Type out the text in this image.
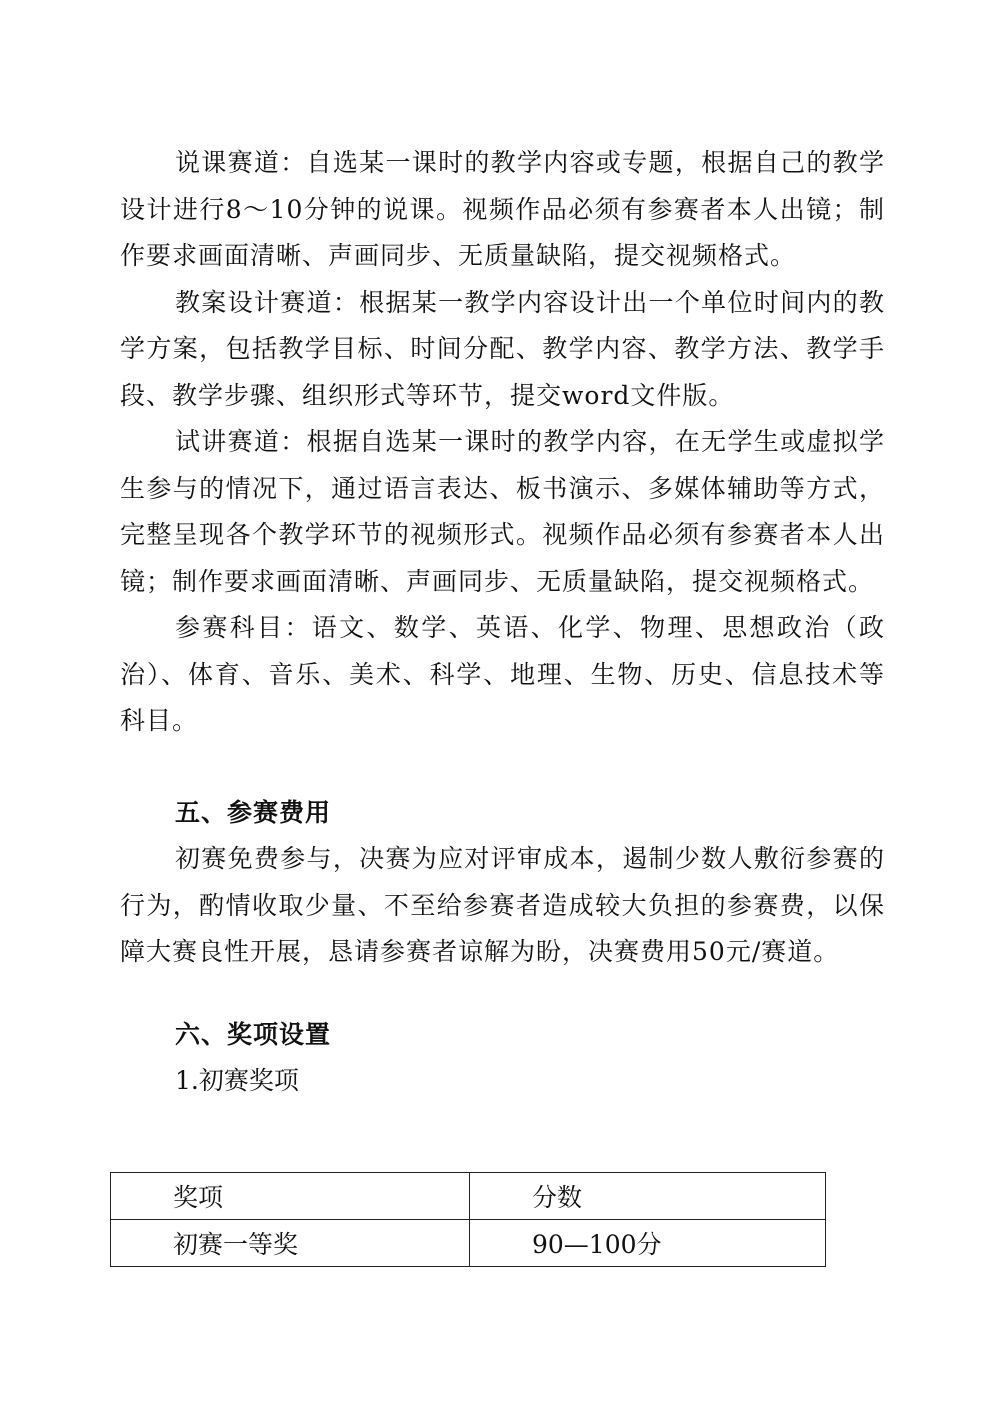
说课赛道：自选某一课时的教学内容或专题，根据自己的教学设计进行8～10分钟的说课。视频作品必须有参赛者本人出镜；制作要求画面清晰、声画同步、无质量缺陷，提交视频格式。

教案设计赛道：根据某一教学内容设计出一个单位时间内的教学方案，包括教学目标、时间分配、教学内容、教学方法、教学手段、教学步骤、组织形式等环节，提交word文件版。

试讲赛道：根据自选某一课时的教学内容，在无学生或虚拟学生参与的情况下，通过语言表达、板书演示、多媒体辅助等方式，完整呈现各个教学环节的视频形式。视频作品必须有参赛者本人出镜；制作要求画面清晰、声画同步、无质量缺陷，提交视频格式。

参赛科目：语文、数学、英语、化学、物理、思想政治（政治）、体育、音乐、美术、科学、地理、生物、历史、信息技术等科目。

五、参赛费用

初赛免费参与，决赛为应对评审成本，遏制少数人敷衍参赛的行为，酌情收取少量、不至给参赛者造成较大负担的参赛费，以保障大赛良性开展，恳请参赛者谅解为盼，决赛费用50元/赛道。

六、奖项设置

1.初赛奖项

奖项	分数
初赛一等奖	90—100分
